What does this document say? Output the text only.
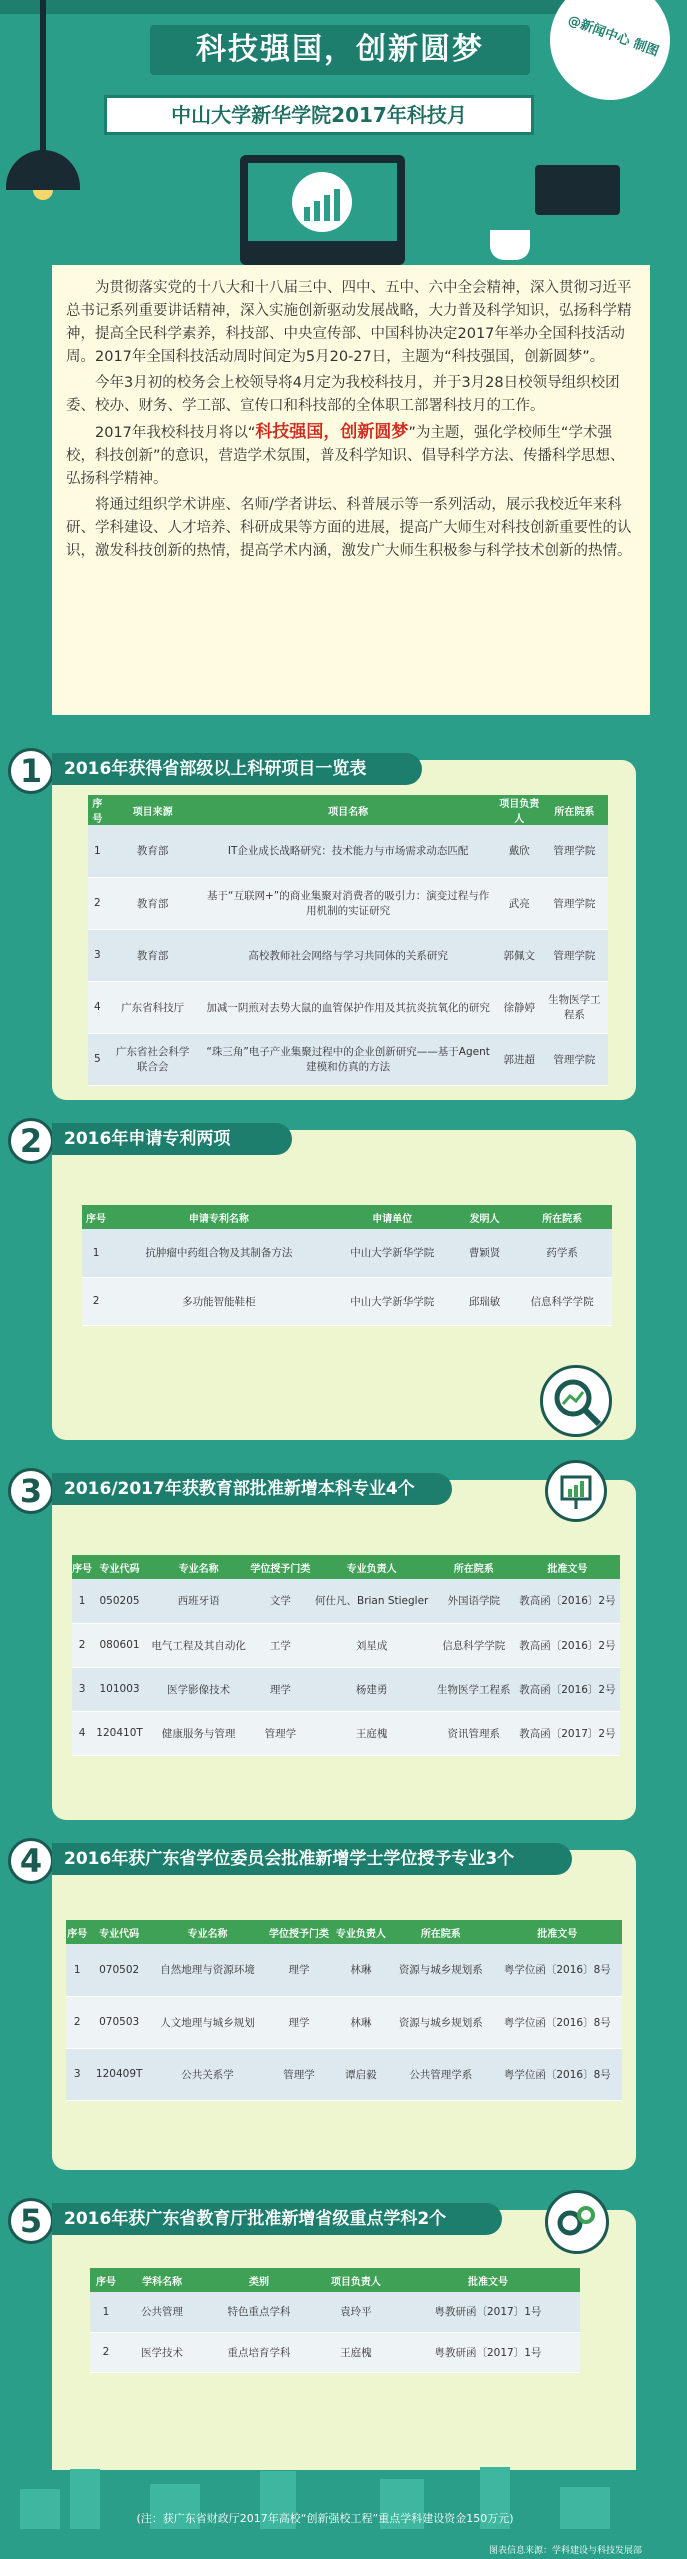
科技强国，创新圆梦
中山大学新华学院2017年科技月
@新闻中心 制图

为贯彻落实党的十八大和十八届三中、四中、五中、六中全会精神，深入贯彻习近平总书记系列重要讲话精神，深入实施创新驱动发展战略，大力普及科学知识，弘扬科学精神，提高全民科学素养，科技部、中央宣传部、中国科协决定2017年举办全国科技活动周。2017年全国科技活动周时间定为5月20-27日，主题为“科技强国，创新圆梦”。

今年3月初的校务会上校领导将4月定为我校科技月，并于3月28日校领导组织校团委、校办、财务、学工部、宣传口和科技部的全体职工部署科技月的工作。

2017年我校科技月将以“科技强国，创新圆梦”为主题，强化学校师生“学术强校，科技创新”的意识，营造学术氛围，普及科学知识、倡导科学方法、传播科学思想、弘扬科学精神。

将通过组织学术讲座、名师/学者讲坛、科普展示等一系列活动，展示我校近年来科研、学科建设、人才培养、科研成果等方面的进展，提高广大师生对科技创新重要性的认识，激发科技创新的热情，提高学术内涵，激发广大师生积极参与科学技术创新的热情。

1	2016年获得省部级以上科研项目一览表
序号	项目来源	项目名称	项目负责人	所在院系
1	教育部	IT企业成长战略研究：技术能力与市场需求动态匹配	戴欣	管理学院
2	教育部	基于“互联网+”的商业集聚对消费者的吸引力：演变过程与作用机制的实证研究	武亮	管理学院
3	教育部	高校教师社会网络与学习共同体的关系研究	郭佩文	管理学院
4	广东省科技厅	加减一阴煎对去势大鼠的血管保护作用及其抗炎抗氧化的研究	徐静婷	生物医学工程系
5	广东省社会科学联合会	“珠三角”电子产业集聚过程中的企业创新研究——基于Agent建模和仿真的方法	郭进超	管理学院
2	2016年申请专利两项
序号	申请专利名称	申请单位	发明人	所在院系
1	抗肿瘤中药组合物及其制备方法	中山大学新华学院	曹颖贤	药学系
2	多功能智能鞋柜	中山大学新华学院	邱瑞敏	信息科学学院
3	2016/2017年获教育部批准新增本科专业4个
序号	专业代码	专业名称	学位授予门类	专业负责人	所在院系	批准文号
1	050205	西班牙语	文学	何仕凡、Brian Stiegler	外国语学院	教高函〔2016〕2号
2	080601	电气工程及其自动化	工学	刘星成	信息科学学院	教高函〔2016〕2号
3	101003	医学影像技术	理学	杨建勇	生物医学工程系	教高函〔2016〕2号
4	120410T	健康服务与管理	管理学	王庭槐	资讯管理系	教高函〔2017〕2号
4	2016年获广东省学位委员会批准新增学士学位授予专业3个
序号	专业代码	专业名称	学位授予门类	专业负责人	所在院系	批准文号
1	070502	自然地理与资源环境	理学	林琳	资源与城乡规划系	粤学位函〔2016〕8号
2	070503	人文地理与城乡规划	理学	林琳	资源与城乡规划系	粤学位函〔2016〕8号
3	120409T	公共关系学	管理学	谭启毅	公共管理学系	粤学位函〔2016〕8号
5	2016年获广东省教育厅批准新增省级重点学科2个
序号	学科名称	类别	项目负责人	批准文号
1	公共管理	特色重点学科	袁玲平	粤教研函〔2017〕1号
2	医学技术	重点培育学科	王庭槐	粤教研函〔2017〕1号
(注：获广东省财政厅2017年高校“创新强校工程”重点学科建设资金150万元)
图表信息来源：学科建设与科技发展部
